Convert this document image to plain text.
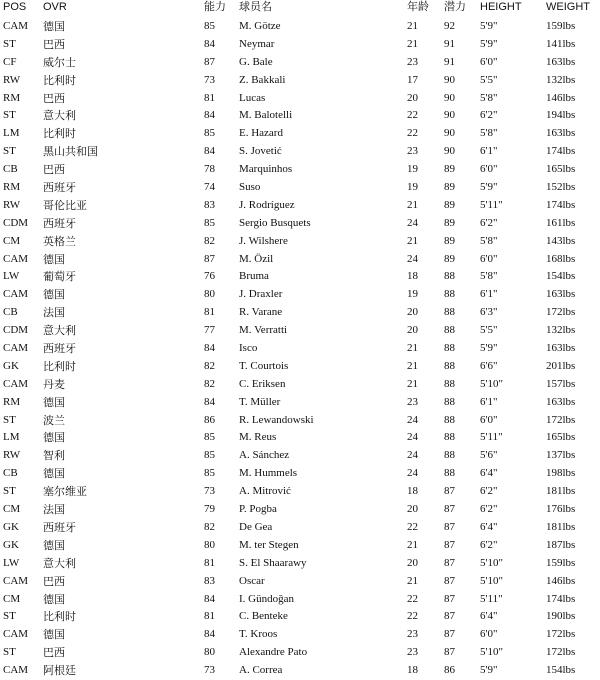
POS OVR	能力 球员名	年龄 潜力 HEIGHT WEIGHT
CAM 德国	85 M. Götze	21 92 5'9"	159lbs
ST 巴西	84 Neymar	21 91 5'9"	141lbs
CF 威尔士	87 G. Bale	23 91 6'0"	163lbs
RW 比利时	73 Z. Bakkali	17 90 5'5"	132lbs
RM 巴西	81 Lucas	20 90 5'8"	146lbs
ST 意大利	84 M. Balotelli	22 90 6'2"	194lbs
LM 比利时	85 E. Hazard	22 90 5'8"	163lbs
ST 黑山共和国	84 S. Jovetić	23 90 6'1"	174lbs
CB 巴西	78 Marquinhos	19 89 6'0"	165lbs
RM 西班牙	74 Suso	19 89 5'9"	152lbs
RW 哥伦比亚	83 J. Rodríguez	21 89 5'11"	174lbs
CDM 西班牙	85 Sergio Busquets	24 89 6'2"	161lbs
CM 英格兰	82 J. Wilshere	21 89 5'8"	143lbs
CAM 德国	87 M. Özil	24 89 6'0"	168lbs
LW 葡萄牙	76 Bruma	18 88 5'8"	154lbs
CAM 德国	80 J. Draxler	19 88 6'1"	163lbs
CB 法国	81 R. Varane	20 88 6'3"	172lbs
CDM 意大利	77 M. Verratti	20 88 5'5"	132lbs
CAM 西班牙	84 Isco	21 88 5'9"	163lbs
GK 比利时	82 T. Courtois	21 88 6'6"	201lbs
CAM 丹麦	82 C. Eriksen	21 88 5'10"	157lbs
RM 德国	84 T. Müller	23 88 6'1"	163lbs
ST 波兰	86 R. Lewandowski	24 88 6'0"	172lbs
LM 德国	85 M. Reus	24 88 5'11"	165lbs
RW 智利	85 A. Sánchez	24 88 5'6"	137lbs
CB 德国	85 M. Hummels	24 88 6'4"	198lbs
ST 塞尔维亚	73 A. Mitrović	18 87 6'2"	181lbs
CM 法国	79 P. Pogba	20 87 6'2"	176lbs
GK 西班牙	82 De Gea	22 87 6'4"	181lbs
GK 德国	80 M. ter Stegen	21 87 6'2"	187lbs
LW 意大利	81 S. El Shaarawy	20 87 5'10"	159lbs
CAM 巴西	83 Oscar	21 87 5'10"	146lbs
CM 德国	84 I. Gündoğan	22 87 5'11"	174lbs
ST 比利时	81 C. Benteke	22 87 6'4"	190lbs
CAM 德国	84 T. Kroos	23 87 6'0"	172lbs
ST 巴西	80 Alexandre Pato	23 87 5'10"	172lbs
CAM 阿根廷	73 A. Correa	18 86 5'9"	154lbs
